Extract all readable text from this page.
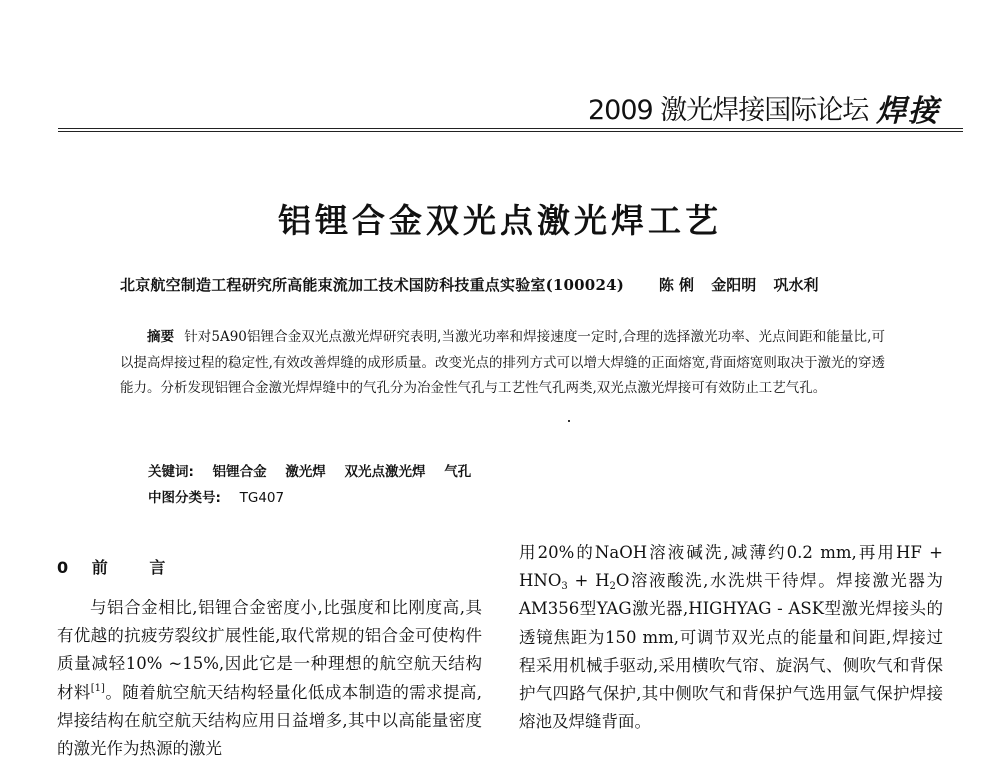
2009 激光焊接国际论坛 焊接
铝锂合金双光点激光焊工艺
北京航空制造工程研究所高能束流加工技术国防科技重点实验室(100024) 陈 俐 金阳明 巩水利
摘要 针对5A90铝锂合金双光点激光焊研究表明,当激光功率和焊接速度一定时,合理的选择激光功率、光点间距和能量比,可以提高焊接过程的稳定性,有效改善焊缝的成形质量。改变光点的排列方式可以增大焊缝的正面熔宽,背面熔宽则取决于激光的穿透能力。分析发现铝锂合金激光焊焊缝中的气孔分为冶金性气孔与工艺性气孔两类,双光点激光焊接可有效防止工艺气孔。
关键词: 铝锂合金 激光焊 双光点激光焊 气孔
中图分类号: TG407
0 前	言
与铝合金相比,铝锂合金密度小,比强度和比刚度高,具有优越的抗疲劳裂纹扩展性能,取代常规的铝合金可使构件质量减轻10% ~15%,因此它是一种理想的航空航天结构材料[1]。随着航空航天结构轻量化低成本制造的需求提高,焊接结构在航空航天结构应用日益增多,其中以高能量密度的激光作为热源的激光
用20%的NaOH溶液碱洗,减薄约0.2 mm,再用HF + $HNO_3 + H_2O$溶液酸洗,水洗烘干待焊。焊接激光器为AM356型YAG激光器,HIGHYAG - ASK型激光焊接头的透镜焦距为150 mm,可调节双光点的能量和间距,焊接过程采用机械手驱动,采用横吹气帘、旋涡气、侧吹气和背保护气四路气保护,其中侧吹气和背保护气选用氩气保护焊接熔池及焊缝背面。
